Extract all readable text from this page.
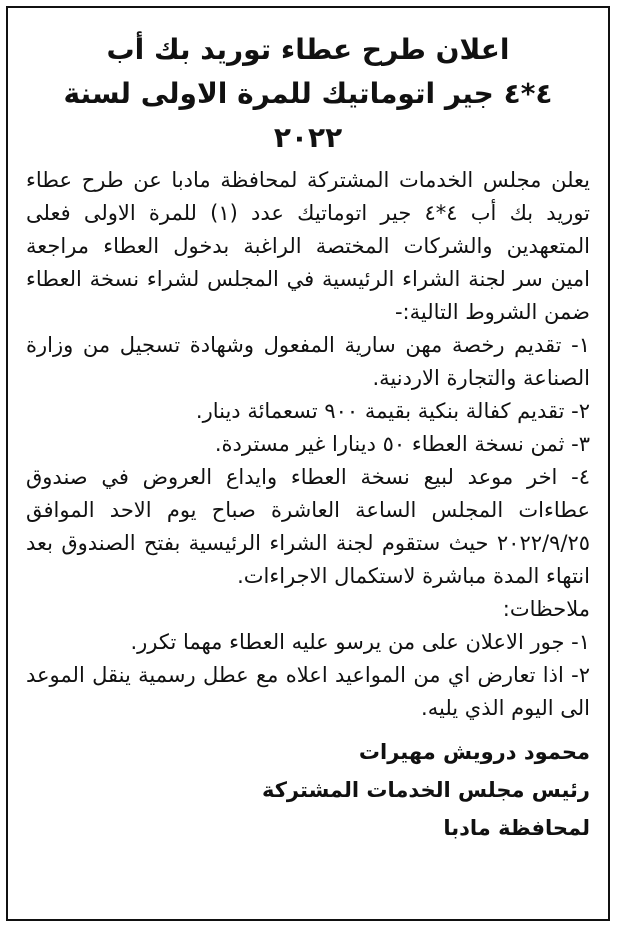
اعلان طرح عطاء توريد بك أب

٤*٤ جير اتوماتيك للمرة الاولى لسنة ٢٠٢٢

يعلن مجلس الخدمات المشتركة لمحافظة مادبا عن طرح عطاء توريد بك أب ٤*٤ جير اتوماتيك عدد (١) للمرة الاولى فعلى المتعهدين والشركات المختصة الراغبة بدخول العطاء مراجعة امين سر لجنة الشراء الرئيسية في المجلس لشراء نسخة العطاء ضمن الشروط التالية:-

١- تقديم رخصة مهن سارية المفعول وشهادة تسجيل من وزارة الصناعة والتجارة الاردنية.

٢- تقديم كفالة بنكية بقيمة ٩٠٠ تسعمائة دينار.

٣- ثمن نسخة العطاء ٥٠ دينارا غير مستردة.

٤- اخر موعد لبيع نسخة العطاء وايداع العروض في صندوق عطاءات المجلس الساعة العاشرة صباح يوم الاحد الموافق ٢٠٢٢/٩/٢٥ حيث ستقوم لجنة الشراء الرئيسية بفتح الصندوق بعد انتهاء المدة مباشرة لاستكمال الاجراءات.

ملاحظات:

١- جور الاعلان على من يرسو عليه العطاء مهما تكرر.

٢- اذا تعارض اي من المواعيد اعلاه مع عطل رسمية ينقل الموعد الى اليوم الذي يليه.

محمود درويش مهيرات

رئيس مجلس الخدمات المشتركة

لمحافظة مادبا
